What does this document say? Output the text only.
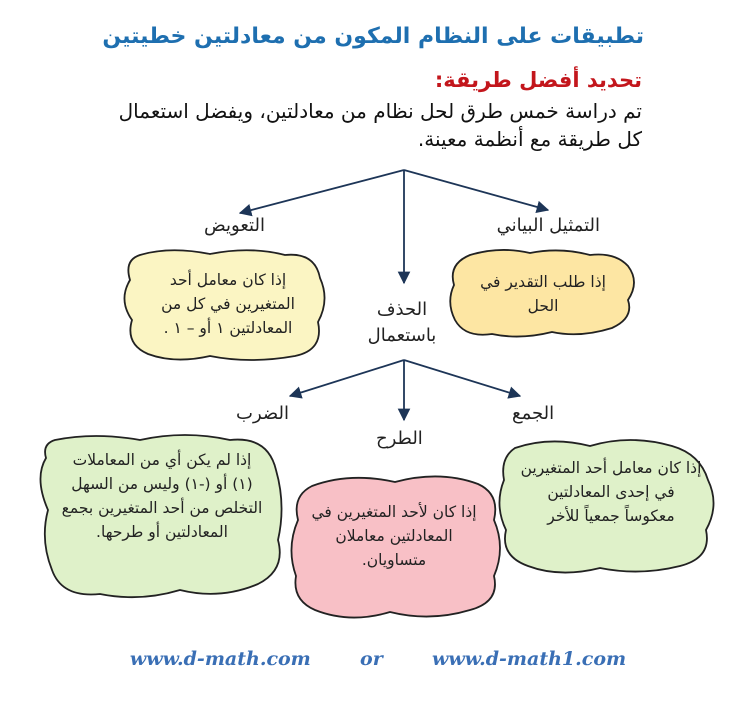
تطبيقات على النظام المكون من معادلتين خطيتين
تحديد أفضل طريقة:
تم دراسة خمس طرق لحل نظام من معادلتين، ويفضل استعمال كل طريقة مع أنظمة معينة.
التمثيل البياني
التعويض
الحذف باستعمال
إذا طلب التقدير في الحل
إذا كان معامل أحد المتغيرين في كل من المعادلتين ١ أو – ١ .
الضرب
الطرح
الجمع
إذا لم يكن أي من المعاملات (١) أو (-١) وليس من السهل التخلص من أحد المتغيرين بجمع المعادلتين أو طرحها.
إذا كان لأحد المتغيرين في المعادلتين معاملان متساويان.
إذا كان معامل أحد المتغيرين في إحدى المعادلتين معكوساً جمعياً للأخر
www.d-math.com	or	www.d-math1.com
